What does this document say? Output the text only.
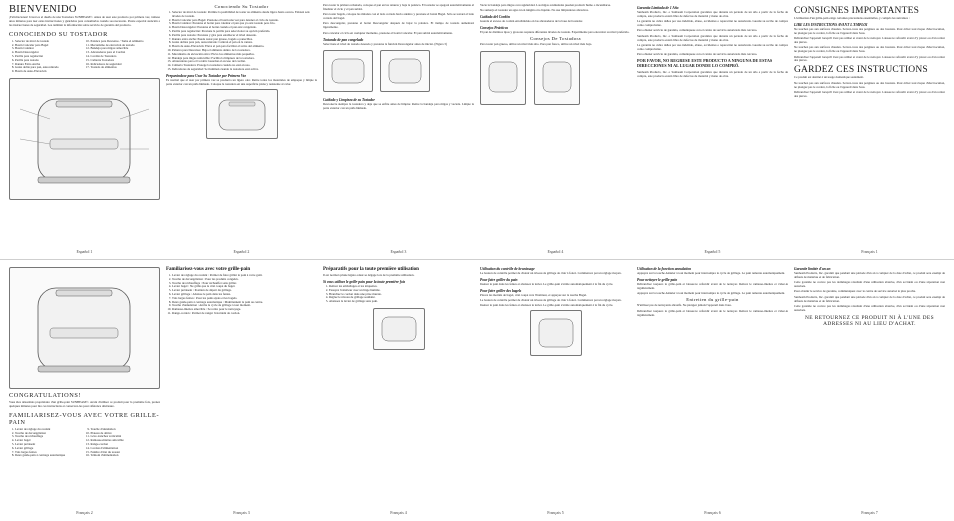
BIENVENIDO

¡Felicitaciones! Usted es el dueño de una Tostadora SUNBEAM®. Antes de usar este producto por primera vez, tómese unos minutos para leer estas instrucciones y guárdelas para consultarlas cuando sea necesario. Preste especial atención a las instrucciones de seguridad. Lea también la información sobre servicio de garantía del producto.

CONOCIENDO SU TOSTADOR
1. Selector de nivel de tostado
2. Botón Cancelar para Bagel
3. Botón Calentar
4. Botón Descongelar
5. Perilla para regulación
6. Perilla para tostado
7. Ranura Extra Ancha
8. Guías doble para pan, autocentrado
9. Botón de Auto-Elevación
10. Palanca para Descenso / Toma el Alimento
11. Mecanismo de elevación de tostado
12. Bandeja para migas removible
13. Abrazaderas para el Cordón
14. Cordón de Tostadora
15. Cubierta Tostadora
16. Indicadores de seguridad
17. Tostado de alimentos
Conociendo Su Tostador
1. Selector de nivel de tostado: Permite la posibilidad de tostar su alimento desde ligero hasta oscuro. Existen seis niveles de tostado.
2. Botón Cancelar para Bagel: Presione el botón una vez para detener el ciclo de tostado.
3. Botón Calentar: Presione el botón para calentar el pan que ya esté tostado pero frío.
4. Botón Descongelar: Presione el botón cuando el pan esté congelado.
5. Perilla para regulación: Presione la perilla para seleccionar su opción preferida.
6. Perilla para tostado: Presione y gire para establecer el nivel deseado.
7. Ranura extra ancha: Puede tostar pan grueso, bagels o panecillos.
8. Guías dobles para pan, autocentrado: Centran el pan en la ranura.
9. Botón de Auto-Elevación: Eleva el pan para facilitar el retiro del alimento.
10. Palanca para Descenso: Baja el alimento dentro de la tostadora.
11. Mecanismo de elevación extra: Eleva los alimentos más pequeños.
12. Bandeja para migas removible: Facilita la limpieza de la tostadora.
13. Abrazaderas para el Cordón: Guardan el exceso del cordón.
14. Cubierta Tostadora: Protege la tostadora cuando no está en uso.
15. Indicadores de seguridad: Se iluminan cuando la tostadora está activa.
Preparándose para Usar Su Tostador por Primera Vez

Es normal que al usar por primera vez se produzca un ligero olor. Retire todos los materiales de empaque y limpie la parte exterior con un paño húmedo. Coloque la tostadora en una superficie plana y resistente al calor.

Para tostar la primera rebanada, coloque el pan en las ranuras y baje la palanca. El tostador se apagará automáticamente al finalizar el ciclo y el pan subirá.

Para tostar bagels, coloque las mitades con el lado cortado hacia adentro y presione el botón Bagel. Sólo se tostará el lado cortado del bagel.

Para descongelar, presione el botón Descongelar después de bajar la palanca. El tiempo de tostado aumentará ligeramente.

Para cancelar el ciclo en cualquier momento, presione el botón Cancelar. El pan subirá automáticamente.

Tostando de pan congelado

Seleccione el nivel de tostado deseado y presione la función Descongelar antes de iniciar. (Figura 3)

Cuidado y Limpieza de su Tostador

Desconecte siempre la tostadora y deje que se enfríe antes de limpiar. Retire la bandeja para migas y vacíela. Limpie la parte exterior con un paño húmedo.

Vacíe la bandeja para migas con regularidad. Las migas acumuladas pueden producir humo o incendiarse.

No sumerja el tostador en agua ni en ningún otro líquido. No use limpiadores abrasivos.

Cuidado del Cordón

Guarde el exceso de cordón enrollándolo en las abrazaderas de la base del tostador.

Consejos Prácticos

El pan de distintos tipos y grosores requiere diferentes niveles de tostado. Experimente para encontrar su nivel preferido.

Consejos De Tostadora

Para tostar pan grueso, utilice un nivel más alto. Para pan fresco, utilice un nivel más bajo.

Garantía Limitada de 1 Año

Sunbeam Products, Inc. o Sunbeam Corporation garantiza que durante un período de un año a partir de la fecha de compra, este producto estará libre de defectos de material y mano de obra.

La garantía no cubre daños por uso indebido, abuso, accidentes o reparación no autorizada. Guarde su recibo de compra como comprobante.

Para obtener servicio de garantía, comuníquese con el centro de servicio autorizado más cercano.

Sunbeam Products, Inc. o Sunbeam Corporation garantiza que durante un período de un año a partir de la fecha de compra, este producto estará libre de defectos de material y mano de obra.

La garantía no cubre daños por uso indebido, abuso, accidentes o reparación no autorizada. Guarde su recibo de compra como comprobante.

Para obtener servicio de garantía, comuníquese con el centro de servicio autorizado más cercano.

POR FAVOR, NO REGRESE ESTE PRODUCTO A NINGUNA DE ESTAS DIRECCIONES NI AL LUGAR DONDE LO COMPRÓ.

Sunbeam Products, Inc. o Sunbeam Corporation garantiza que durante un período de un año a partir de la fecha de compra, este producto estará libre de defectos de material y mano de obra.

CONSIGNES IMPORTANTES

L'utilisation d'un grille-pain exige certaines précautions essentielles, y compris les suivantes :

LIRE LES INSTRUCTIONS AVANT L'EMPLOI

Ne touchez pas aux surfaces chaudes. Servez-vous des poignées ou des boutons. Pour éviter tout risque d'électrocution, ne plongez pas le cordon, la fiche ou l'appareil dans l'eau.

Débranchez l'appareil lorsqu'il n'est pas utilisé et avant de le nettoyer. Laissez-le refroidir avant d'y placer ou d'en retirer des pièces.

Ne touchez pas aux surfaces chaudes. Servez-vous des poignées ou des boutons. Pour éviter tout risque d'électrocution, ne plongez pas le cordon, la fiche ou l'appareil dans l'eau.

Débranchez l'appareil lorsqu'il n'est pas utilisé et avant de le nettoyer. Laissez-le refroidir avant d'y placer ou d'en retirer des pièces.

GARDEZ CES INSTRUCTIONS

Ce produit est destiné à un usage domestique seulement.

Ne touchez pas aux surfaces chaudes. Servez-vous des poignées ou des boutons. Pour éviter tout risque d'électrocution, ne plongez pas le cordon, la fiche ou l'appareil dans l'eau.

Débranchez l'appareil lorsqu'il n'est pas utilisé et avant de le nettoyer. Laissez-le refroidir avant d'y placer ou d'en retirer des pièces.

Español 1	Español 2	Español 3	Español 4	Español 5	Français 1
CONGRATULATIONS!

Vous êtes désormais propriétaire d'un grille-pain SUNBEAM®. Avant d'utiliser ce produit pour la première fois, prenez quelques minutes pour lire ces instructions et conservez-les pour référence ultérieure.

FAMILIARISEZ-VOUS AVEC VOTRE GRILLE-PAIN
1. Levier de réglage du coulant
2. Touche de décongélation
3. Touche de réchauffage
4. Levier bagel
5. Levier prérésent
6. Levier grillage
7. Très larges fentes
8. Deux guide-pain à centrage automatique
9. Touche d'annulation
10. Plateau de dérive
11. Lève-tranches verticalité
12. Ramasse-miettes amovible
13. Range-cordon
14. Cordon d'alimentation
15. Fenêtre d'état du toaster
16. Témoin d'alimentation
Familiarisez-vous avec votre grille-pain
1. Levier de réglage du coulant : Permet de faire griller le pain à votre goût.
2. Touche de décongélation : Pour les produits congelés.
3. Touche de réchauffage : Pour réchauffer sans griller.
4. Levier bagel : Ne grille que le côté coupé du bagel.
5. Levier prérésent : Position de départ du grillage.
6. Levier grillage : Abaisse le pain dans les fentes.
7. Très larges fentes : Pour les pains épais et les bagels.
8. Deux guide-pain à centrage automatique : Maintiennent le pain au centre.
9. Touche d'annulation : Arrête le cycle de grillage à tout moment.
10. Ramasse-miettes amovible : Se retire pour le nettoyage.
11. Range-cordon : Permet de ranger l'excédent de cordon.
Préparatifs pour la toute première utilisation

Il est normal qu'une légère odeur se dégage lors de la première utilisation.

Si vous utilisez le grille-pain pour la toute première fois
1. Retirez les emballages et les étiquettes.
2. Essuyez l'extérieur avec un linge humide.
3. Branchez le cordon dans une prise murale.
4. Réglez le niveau de grillage souhaité.
5. Abaissez le levier de grillage sans pain.
Utilisation du contrôle de brunissage

Le bouton de contrôle permet de choisir un niveau de grillage de clair à foncé. Commencez par un réglage moyen.

Pour faire griller du pain

Insérez le pain dans les fentes et abaissez le levier. Le grille-pain s'arrête automatiquement à la fin du cycle.

Pour faire griller des bagels

Placez les moitiés de bagel, côté coupé vers l'intérieur, et appuyez sur la touche Bagel.

Le bouton de contrôle permet de choisir un niveau de grillage de clair à foncé. Commencez par un réglage moyen.

Insérez le pain dans les fentes et abaissez le levier. Le grille-pain s'arrête automatiquement à la fin du cycle.

Utilisation de la fonction annulation

Appuyez sur la touche Annuler à tout moment pour interrompre le cycle de grillage. Le pain remonte automatiquement.

Pour nettoyer le grille-pain

Débranchez toujours le grille-pain et laissez-le refroidir avant de le nettoyer. Retirez le ramasse-miettes et videz-le régulièrement.

Appuyez sur la touche Annuler à tout moment pour interrompre le cycle de grillage. Le pain remonte automatiquement.

Entretien du grille-pain

N'utilisez pas de nettoyants abrasifs. Ne plongez jamais l'appareil dans l'eau.

Débranchez toujours le grille-pain et laissez-le refroidir avant de le nettoyer. Retirez le ramasse-miettes et videz-le régulièrement.

Garantie limitée d'un an

Sunbeam Products, Inc. garantit que pendant une période d'un an à compter de la date d'achat, ce produit sera exempt de défauts de matériau et de fabrication.

Cette garantie ne couvre pas les dommages résultant d'une utilisation abusive, d'un accident ou d'une réparation non autorisée.

Pour obtenir le service de garantie, communiquez avec le centre de service autorisé le plus proche.

Sunbeam Products, Inc. garantit que pendant une période d'un an à compter de la date d'achat, ce produit sera exempt de défauts de matériau et de fabrication.

Cette garantie ne couvre pas les dommages résultant d'une utilisation abusive, d'un accident ou d'une réparation non autorisée.

NE RETOURNEZ CE PRODUIT NI À L'UNE DES ADRESSES NI AU LIEU D'ACHAT.
Français 2	Français 3	Français 4	Français 5	Français 6	Français 7
